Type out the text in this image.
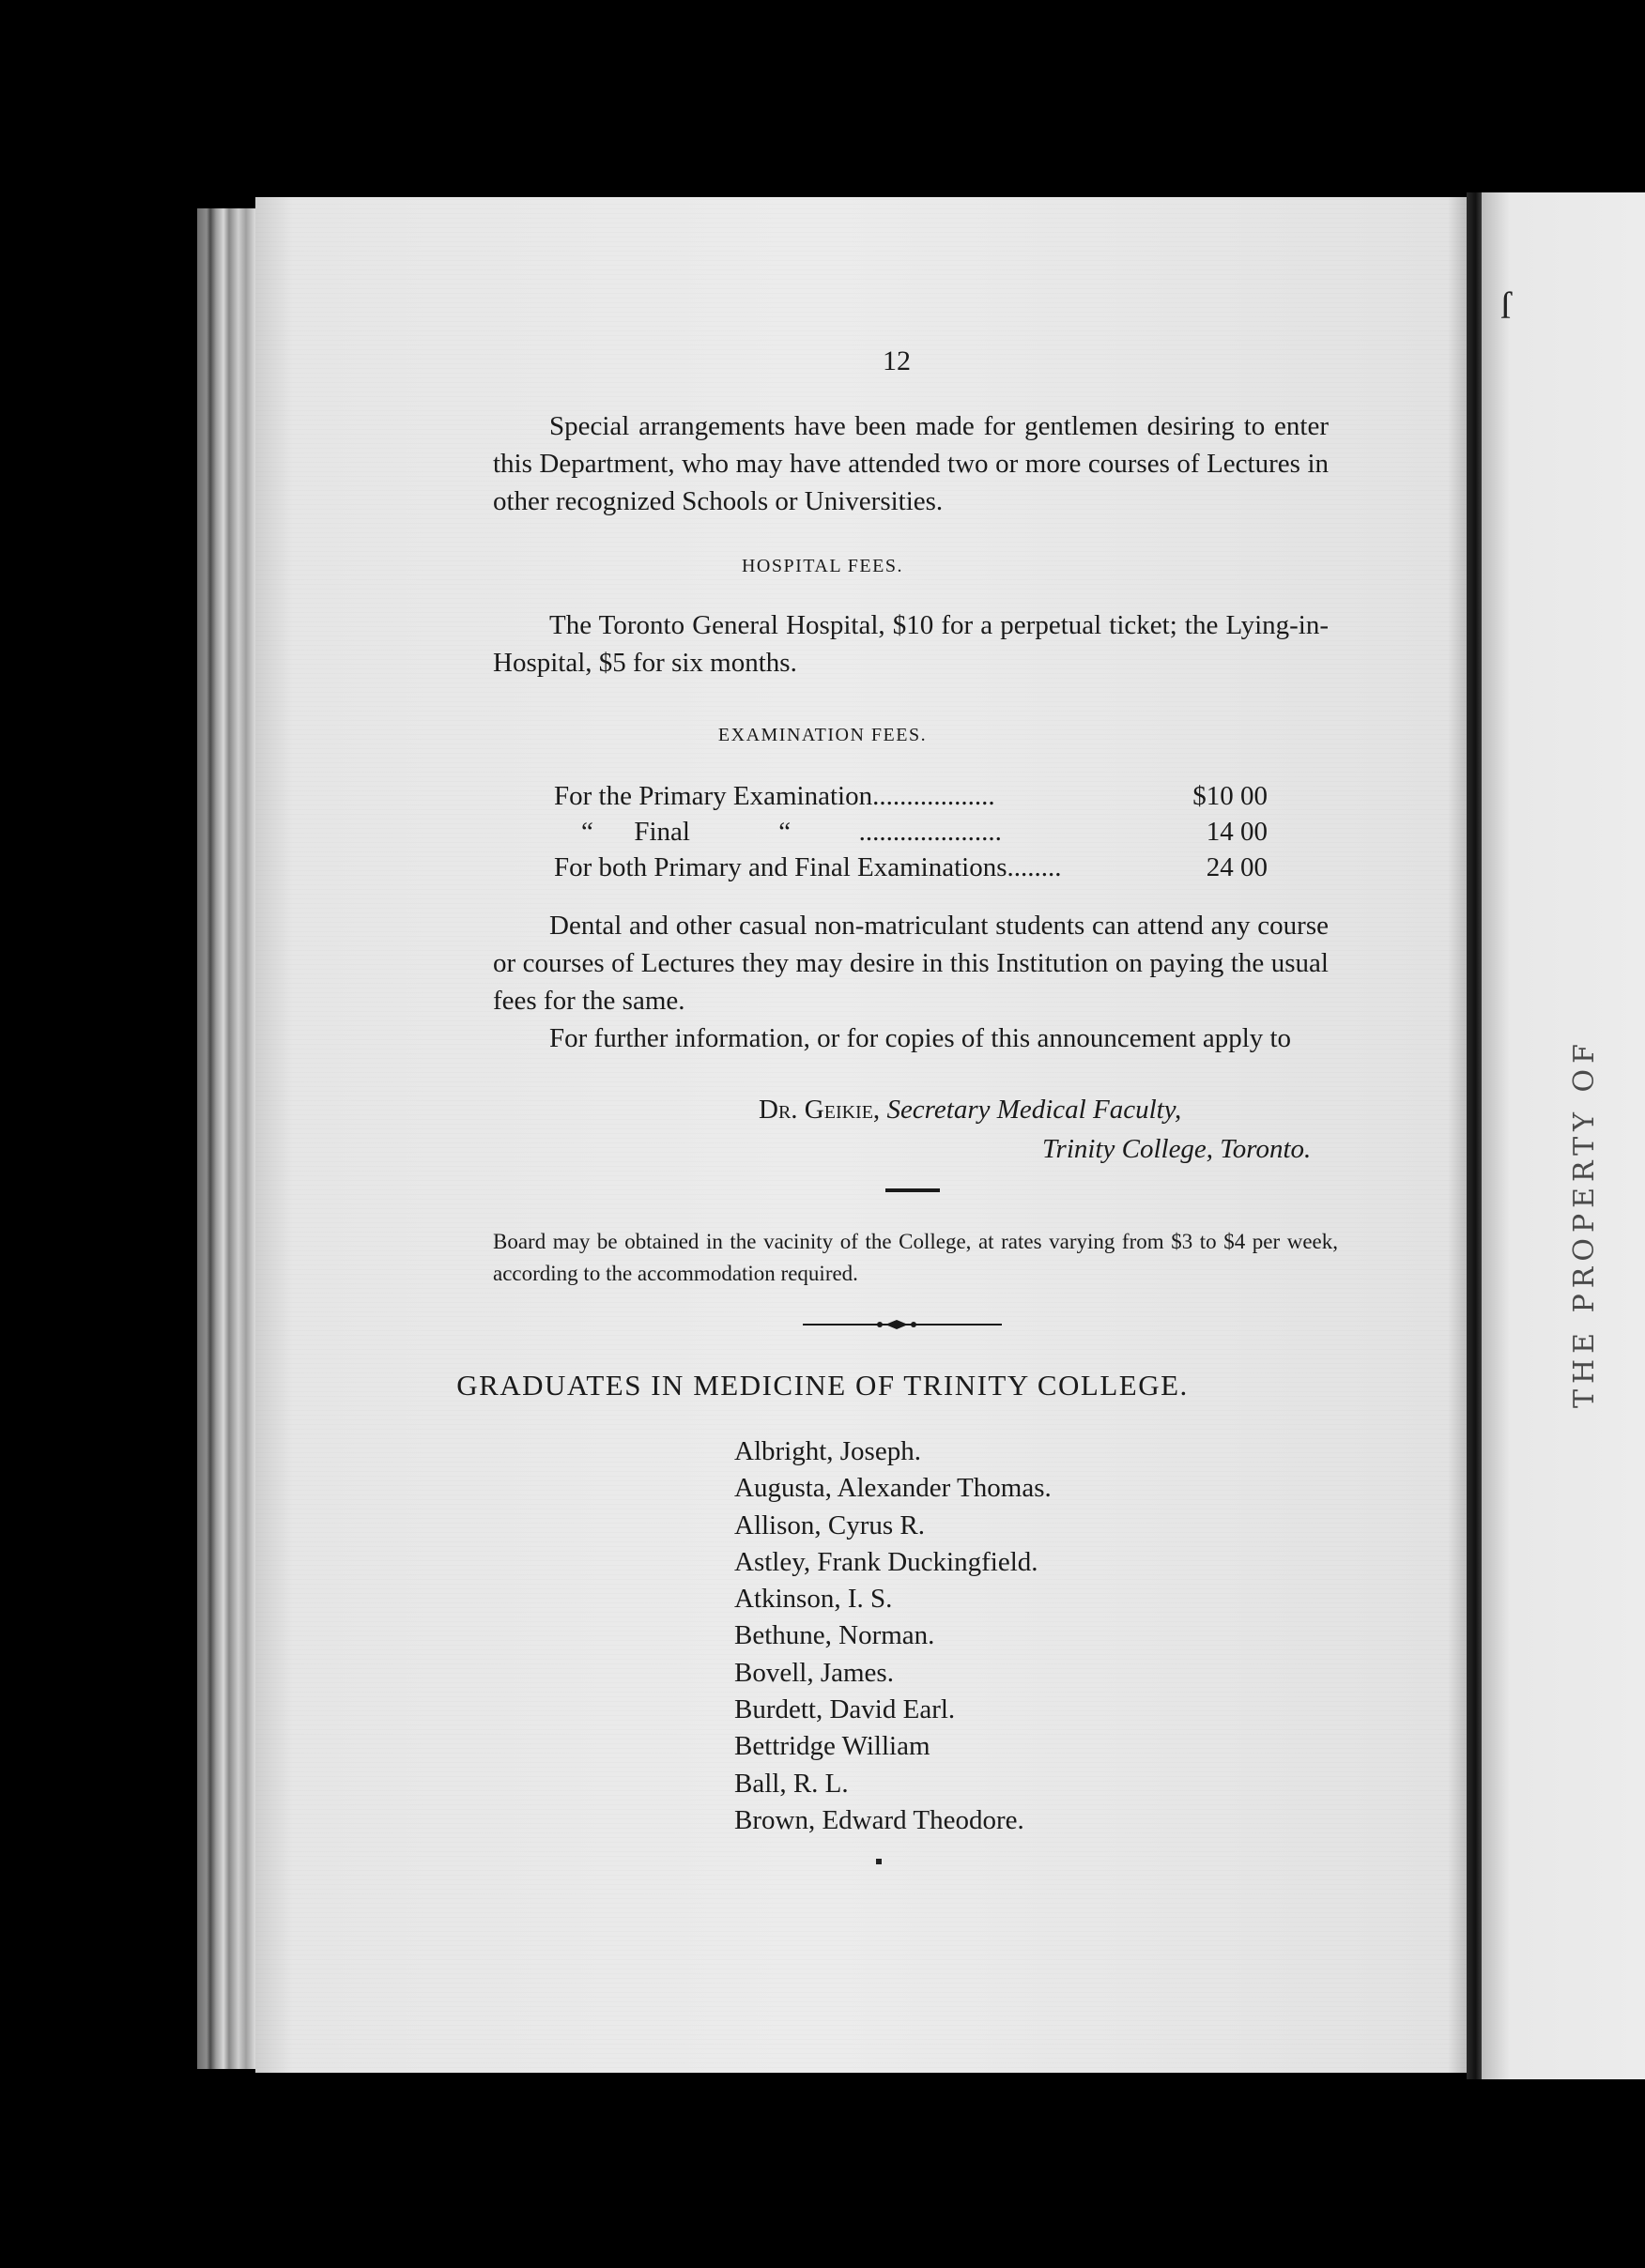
ſ
THE PROPERTY OF
12
Special arrangements have been made for gentlemen desiring to enter this Department, who may have attended two or more courses of Lectures in other recognized Schools or Universities.
HOSPITAL FEES.
The Toronto General Hospital, $10 for a perpetual ticket; the Lying-in-Hospital, $5 for six months.
EXAMINATION FEES.
For the Primary Examination..................	$10 00
“      Final             “          .....................	14 00
For both Primary and Final Examinations........	24 00
Dental and other casual non-matriculant students can attend any course or courses of Lectures they may desire in this Institution on paying the usual fees for the same.
For further information, or for copies of this announcement apply to
Dr. Geikie, Secretary Medical Faculty,
Trinity College, Toronto.
Board may be obtained in the vacinity of the College, at rates varying from $3 to $4 per week, according to the accommodation required.
GRADUATES IN MEDICINE OF TRINITY COLLEGE.
Albright, Joseph.
Augusta, Alexander Thomas.
Allison, Cyrus R.
Astley, Frank Duckingfield.
Atkinson, I. S.
Bethune, Norman.
Bovell, James.
Burdett, David Earl.
Bettridge William
Ball, R. L.
Brown, Edward Theodore.
